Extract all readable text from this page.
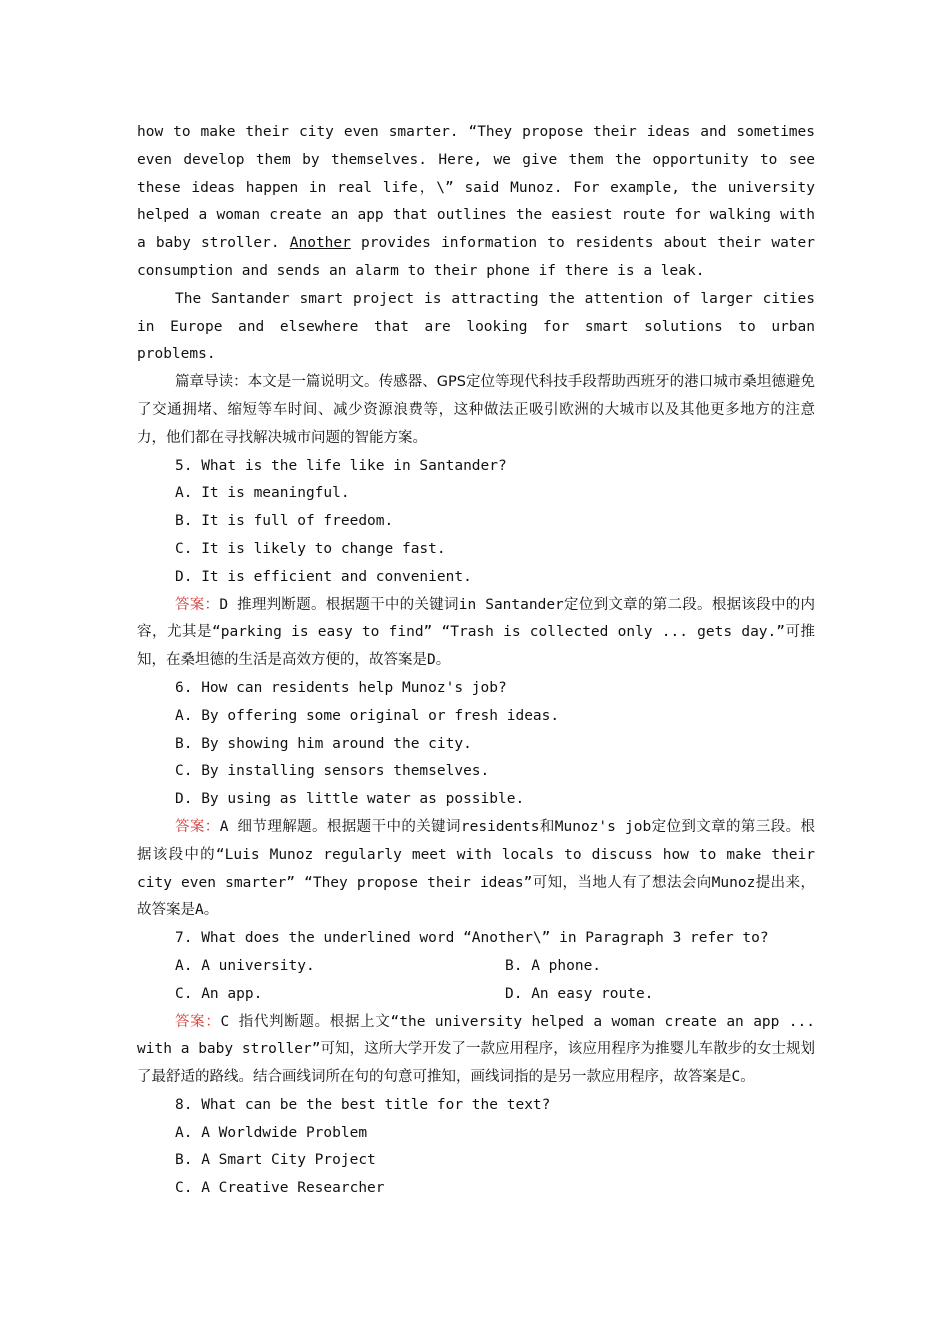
how to make their city even smarter. “They propose their ideas and sometimes even develop them by themselves. Here, we give them the opportunity to see these ideas happen in real life，\” said Munoz. For example, the university helped a woman create an app that outlines the easiest route for walking with a baby stroller. Another provides information to residents about their water consumption and sends an alarm to their phone if there is a leak.

The Santander smart project is attracting the attention of larger cities in Europe and elsewhere that are looking for smart solutions to urban problems.

篇章导读：本文是一篇说明文。传感器、GPS定位等现代科技手段帮助西班牙的港口城市桑坦德避免了交通拥堵、缩短等车时间、减少资源浪费等，这种做法正吸引欧洲的大城市以及其他更多地方的注意力，他们都在寻找解决城市问题的智能方案。

5. What is the life like in Santander?

A. It is meaningful.

B. It is full of freedom.

C. It is likely to change fast.

D. It is efficient and convenient.

答案：D 推理判断题。根据题干中的关键词in Santander定位到文章的第二段。根据该段中的内容，尤其是“parking is easy to find” “Trash is collected only ... gets day.”可推知，在桑坦德的生活是高效方便的，故答案是D。

6. How can residents help Munoz's job?

A. By offering some original or fresh ideas.

B. By showing him around the city.

C. By installing sensors themselves.

D. By using as little water as possible.

答案：A 细节理解题。根据题干中的关键词residents和Munoz's job定位到文章的第三段。根据该段中的“Luis Munoz regularly meet with locals to discuss how to make their city even smarter” “They propose their ideas”可知，当地人有了想法会向Munoz提出来，故答案是A。

7. What does the underlined word “Another\” in Paragraph 3 refer to?

A. A university.	B. A phone.
C. An app.	D. An easy route.

答案：C 指代判断题。根据上文“the university helped a woman create an app ... with a baby stroller”可知，这所大学开发了一款应用程序，该应用程序为推婴儿车散步的女士规划了最舒适的路线。结合画线词所在句的句意可推知，画线词指的是另一款应用程序，故答案是C。

8. What can be the best title for the text?

A. A Worldwide Problem

B. A Smart City Project

C. A Creative Researcher
